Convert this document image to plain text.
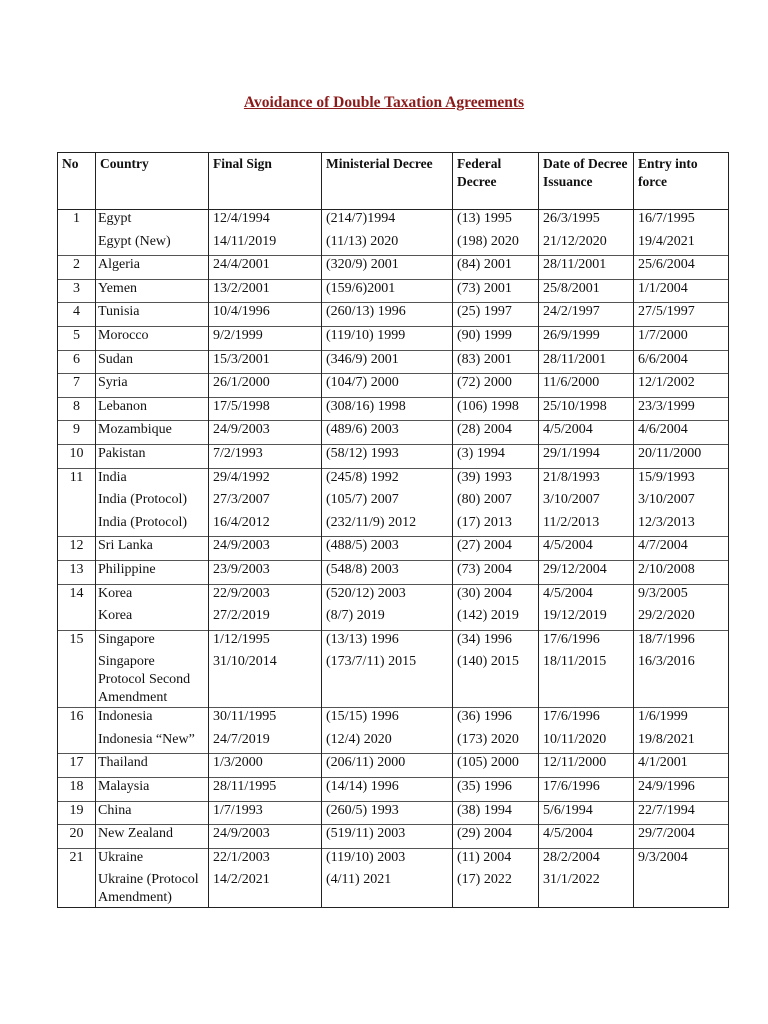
Avoidance of Double Taxation Agreements
No	Country	Final Sign	Ministerial Decree	Federal Decree	Date of Decree Issuance	Entry into force
1	Egypt	12/4/1994	(214/7)1994	(13) 1995	26/3/1995	16/7/1995
	Egypt (New)	14/11/2019	(11/13) 2020	(198) 2020	21/12/2020	19/4/2021
2	Algeria	24/4/2001	(320/9) 2001	(84) 2001	28/11/2001	25/6/2004
3	Yemen	13/2/2001	(159/6)2001	(73) 2001	25/8/2001	1/1/2004
4	Tunisia	10/4/1996	(260/13) 1996	(25) 1997	24/2/1997	27/5/1997
5	Morocco	9/2/1999	(119/10) 1999	(90) 1999	26/9/1999	1/7/2000
6	Sudan	15/3/2001	(346/9) 2001	(83) 2001	28/11/2001	6/6/2004
7	Syria	26/1/2000	(104/7) 2000	(72) 2000	11/6/2000	12/1/2002
8	Lebanon	17/5/1998	(308/16) 1998	(106) 1998	25/10/1998	23/3/1999
9	Mozambique	24/9/2003	(489/6) 2003	(28) 2004	4/5/2004	4/6/2004
10	Pakistan	7/2/1993	(58/12) 1993	(3) 1994	29/1/1994	20/11/2000
11	India	29/4/1992	(245/8) 1992	(39) 1993	21/8/1993	15/9/1993
	India (Protocol)	27/3/2007	(105/7) 2007	(80) 2007	3/10/2007	3/10/2007
	India (Protocol)	16/4/2012	(232/11/9) 2012	(17) 2013	11/2/2013	12/3/2013
12	Sri Lanka	24/9/2003	(488/5) 2003	(27) 2004	4/5/2004	4/7/2004
13	Philippine	23/9/2003	(548/8) 2003	(73) 2004	29/12/2004	2/10/2008
14	Korea	22/9/2003	(520/12) 2003	(30) 2004	4/5/2004	9/3/2005
	Korea	27/2/2019	(8/7) 2019	(142) 2019	19/12/2019	29/2/2020
15	Singapore	1/12/1995	(13/13) 1996	(34) 1996	17/6/1996	18/7/1996
	Singapore Protocol Second Amendment	31/10/2014	(173/7/11) 2015	(140) 2015	18/11/2015	16/3/2016
16	Indonesia	30/11/1995	(15/15) 1996	(36) 1996	17/6/1996	1/6/1999
	Indonesia “New”	24/7/2019	(12/4) 2020	(173) 2020	10/11/2020	19/8/2021
17	Thailand	1/3/2000	(206/11) 2000	(105) 2000	12/11/2000	4/1/2001
18	Malaysia	28/11/1995	(14/14) 1996	(35) 1996	17/6/1996	24/9/1996
19	China	1/7/1993	(260/5) 1993	(38) 1994	5/6/1994	22/7/1994
20	New Zealand	24/9/2003	(519/11) 2003	(29) 2004	4/5/2004	29/7/2004
21	Ukraine	22/1/2003	(119/10) 2003	(11) 2004	28/2/2004	9/3/2004
	Ukraine (Protocol Amendment)	14/2/2021	(4/11) 2021	(17) 2022	31/1/2022	
